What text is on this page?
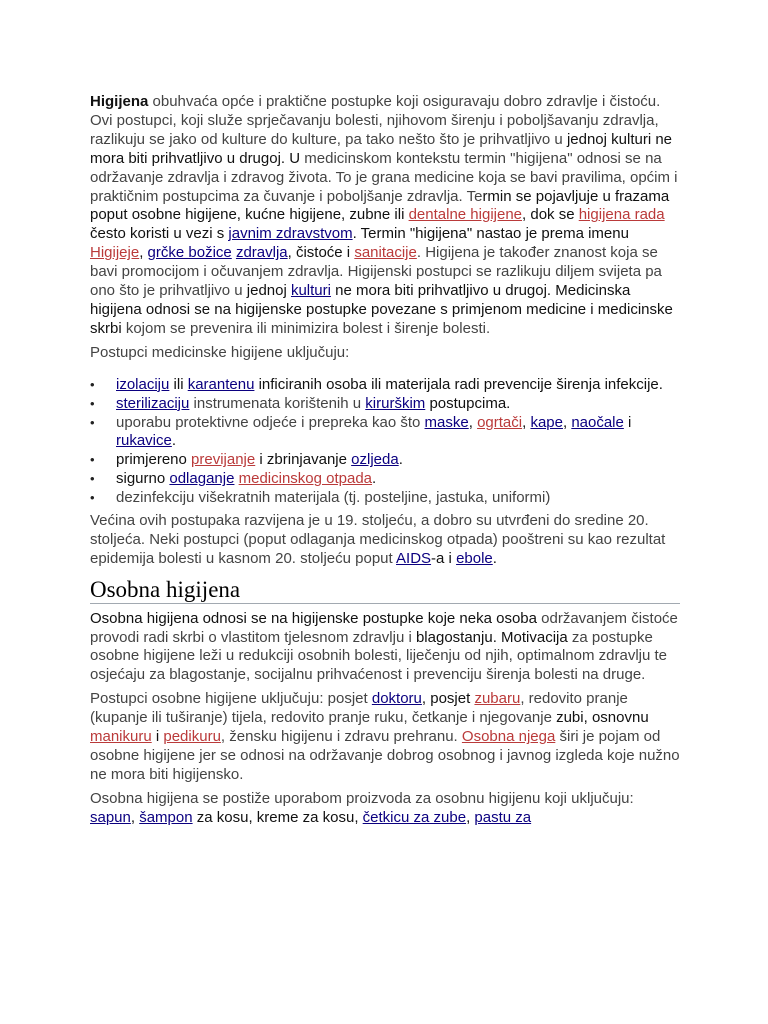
Higijena obuhvaća opće i praktične postupke koji osiguravaju dobro zdravlje i čistoću. Ovi postupci, koji služe sprječavanju bolesti, njihovom širenju i poboljšavanju zdravlja, razlikuju se jako od kulture do kulture, pa tako nešto što je prihvatljivo u jednoj kulturi ne mora biti prihvatljivo u drugoj. U medicinskom kontekstu termin "higijena" odnosi se na održavanje zdravlja i zdravog života. To je grana medicine koja se bavi pravilima, općim i praktičnim postupcima za čuvanje i poboljšanje zdravlja. Termin se pojavljuje u frazama poput osobne higijene, kućne higijene, zubne ili dentalne higijene, dok se higijena rada često koristi u vezi s javnim zdravstvom. Termin "higijena" nastao je prema imenu Higijeje, grčke božice zdravlja, čistoće i sanitacije. Higijena je također znanost koja se bavi promocijom i očuvanjem zdravlja. Higijenski postupci se razlikuju diljem svijeta pa ono što je prihvatljivo u jednoj kulturi ne mora biti prihvatljivo u drugoj. Medicinska higijena odnosi se na higijenske postupke povezane s primjenom medicine i medicinske skrbi kojom se prevenira ili minimizira bolest i širenje bolesti.

Postupci medicinske higijene uključuju:

• izolaciju ili karantenu inficiranih osoba ili materijala radi prevencije širenja infekcije.
• sterilizaciju instrumenata korištenih u kirurškim postupcima.
• uporabu protektivne odjeće i prepreka kao što maske, ogrtači, kape, naočale i rukavice.
• primjereno previjanje i zbrinjavanje ozljeda.
• sigurno odlaganje medicinskog otpada.
• dezinfekciju višekratnih materijala (tj. posteljine, jastuka, uniformi)

Većina ovih postupaka razvijena je u 19. stoljeću, a dobro su utvrđeni do sredine 20. stoljeća. Neki postupci (poput odlaganja medicinskog otpada) pooštreni su kao rezultat epidemija bolesti u kasnom 20. stoljeću poput AIDS-a i ebole.

Osobna higijena

Osobna higijena odnosi se na higijenske postupke koje neka osoba održavanjem čistoće provodi radi skrbi o vlastitom tjelesnom zdravlju i blagostanju. Motivacija za postupke osobne higijene leži u redukciji osobnih bolesti, liječenju od njih, optimalnom zdravlju te osjećaju za blagostanje, socijalnu prihvaćenost i prevenciju širenja bolesti na druge.

Postupci osobne higijene uključuju: posjet doktoru, posjet zubaru, redovito pranje (kupanje ili tuširanje) tijela, redovito pranje ruku, četkanje i njegovanje zubi, osnovnu manikuru i pedikuru, žensku higijenu i zdravu prehranu. Osobna njega širi je pojam od osobne higijene jer se odnosi na održavanje dobrog osobnog i javnog izgleda koje nužno ne mora biti higijensko.

Osobna higijena se postiže uporabom proizvoda za osobnu higijenu koji uključuju: sapun, šampon za kosu, kreme za kosu, četkicu za zube, pastu za
